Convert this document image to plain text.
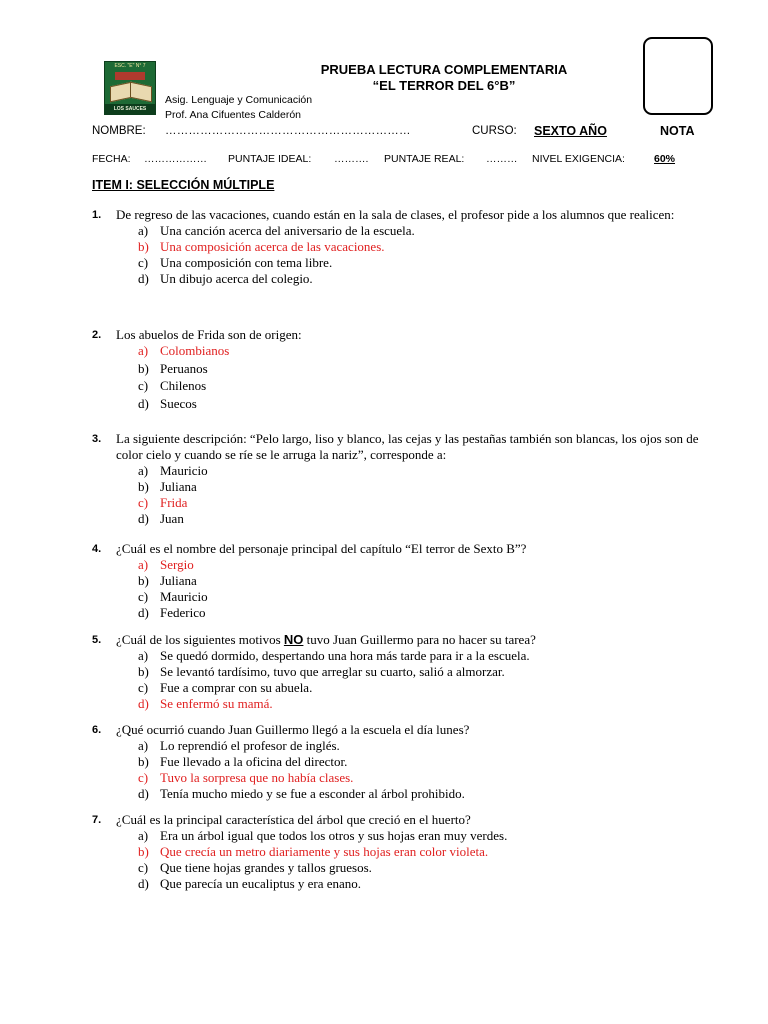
ESC. "E" N° 7
LOS SAUCES
PRUEBA LECTURA COMPLEMENTARIA
“EL TERROR DEL 6°B”
Asig. Lenguaje y Comunicación
Prof. Ana Cifuentes Calderón
NOMBRE: ………………………………………………………	CURSO: SEXTO AÑO	NOTA
FECHA: ……………… PUNTAJE IDEAL: ………. PUNTAJE REAL: ……… NIVEL EXIGENCIA:	60%
ITEM I: SELECCIÓN MÚLTIPLE
1. De regreso de las vacaciones, cuando están en la sala de clases, el profesor pide a los alumnos que realicen:
a) Una canción acerca del aniversario de la escuela.
b) Una composición acerca de las vacaciones.
c) Una composición con tema libre.
d) Un dibujo acerca del colegio.
2. Los abuelos de Frida son de origen:
a) Colombianos
b) Peruanos
c) Chilenos
d) Suecos
3. La siguiente descripción: “Pelo largo, liso y blanco, las cejas y las pestañas también son blancas, los ojos son de color cielo y cuando se ríe se le arruga la nariz”, corresponde a:
a) Mauricio
b) Juliana
c) Frida
d) Juan
4. ¿Cuál es el nombre del personaje principal del capítulo “El terror de Sexto B”?
a) Sergio
b) Juliana
c) Mauricio
d) Federico
5. ¿Cuál de los siguientes motivos NO tuvo Juan Guillermo para no hacer su tarea?
a) Se quedó dormido, despertando una hora más tarde para ir a la escuela.
b) Se levantó tardísimo, tuvo que arreglar su cuarto, salió a almorzar.
c) Fue a comprar con su abuela.
d) Se enfermó su mamá.
6. ¿Qué ocurrió cuando Juan Guillermo llegó a la escuela el día lunes?
a) Lo reprendió el profesor de inglés.
b) Fue llevado a la oficina del director.
c) Tuvo la sorpresa que no había clases.
d) Tenía mucho miedo y se fue a esconder al árbol prohibido.
7. ¿Cuál es la principal característica del árbol que creció en el huerto?
a) Era un árbol igual que todos los otros y sus hojas eran muy verdes.
b) Que crecía un metro diariamente y sus hojas eran color violeta.
c) Que tiene hojas grandes y tallos gruesos.
d) Que parecía un eucaliptus y era enano.
